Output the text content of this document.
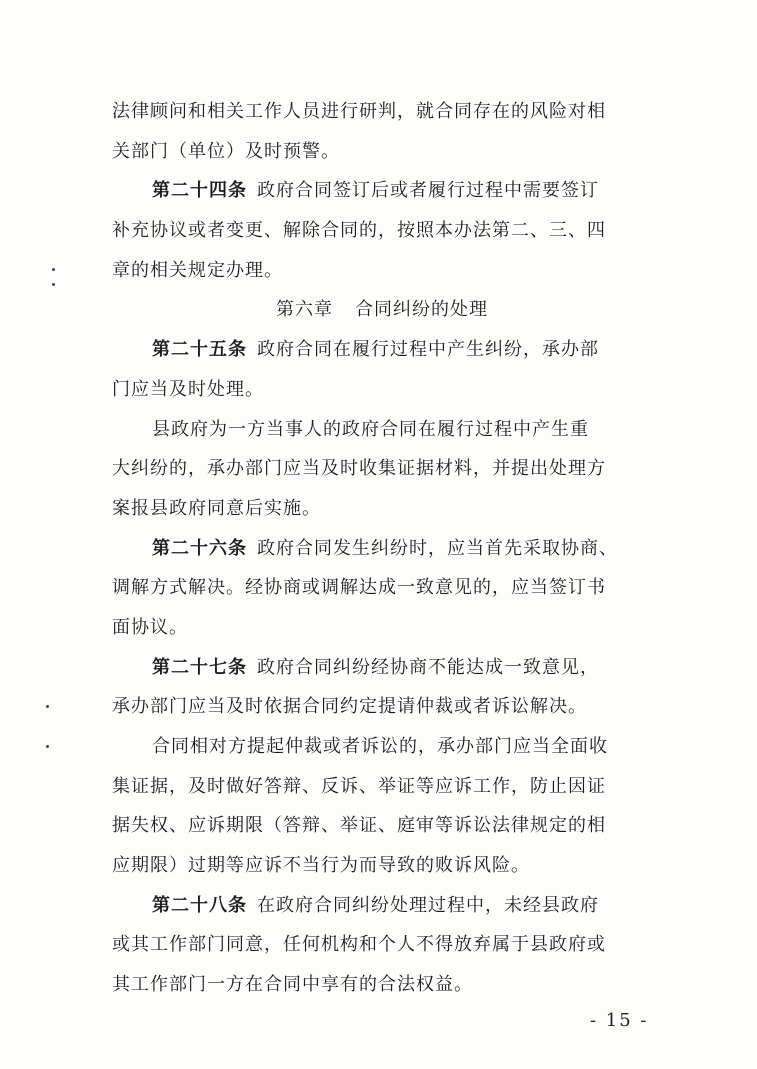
法律顾问和相关工作人员进行研判，就合同存在的风险对相
关部门（单位）及时预警。
第二十四条 政府合同签订后或者履行过程中需要签订
补充协议或者变更、解除合同的，按照本办法第二、三、四
章的相关规定办理。
第六章 合同纠纷的处理
第二十五条 政府合同在履行过程中产生纠纷，承办部
门应当及时处理。
县政府为一方当事人的政府合同在履行过程中产生重
大纠纷的，承办部门应当及时收集证据材料，并提出处理方
案报县政府同意后实施。
第二十六条 政府合同发生纠纷时，应当首先采取协商、
调解方式解决。经协商或调解达成一致意见的，应当签订书
面协议。
第二十七条 政府合同纠纷经协商不能达成一致意见，
承办部门应当及时依据合同约定提请仲裁或者诉讼解决。
合同相对方提起仲裁或者诉讼的，承办部门应当全面收
集证据，及时做好答辩、反诉、举证等应诉工作，防止因证
据失权、应诉期限（答辩、举证、庭审等诉讼法律规定的相
应期限）过期等应诉不当行为而导致的败诉风险。
第二十八条 在政府合同纠纷处理过程中，未经县政府
或其工作部门同意，任何机构和个人不得放弃属于县政府或
其工作部门一方在合同中享有的合法权益。
- 15 -
